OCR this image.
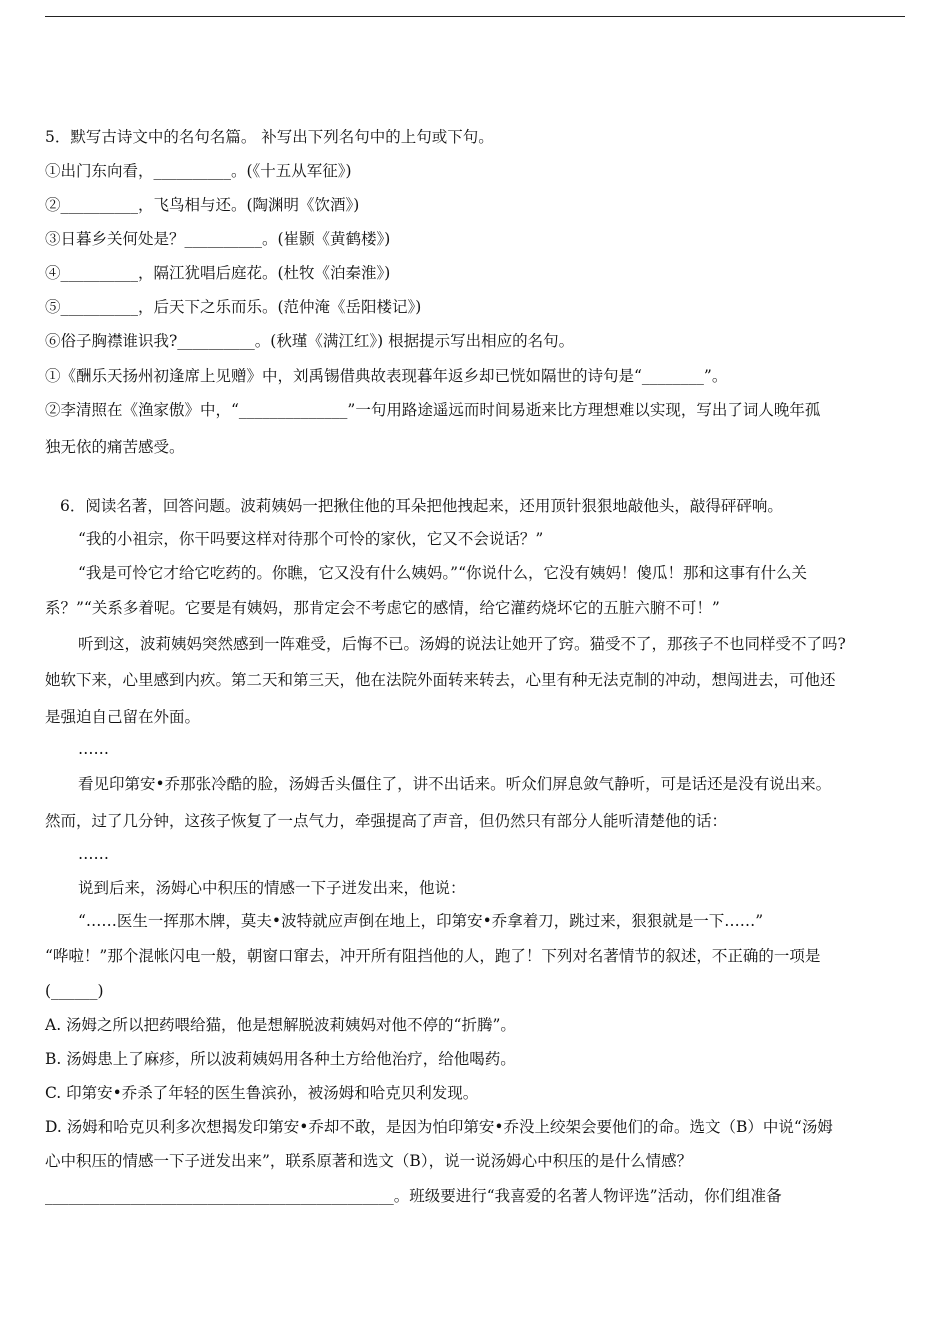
5．默写古诗文中的名句名篇。 补写出下列名句中的上句或下句。
①出门东向看，__________。(《十五从军征》)
②__________，飞鸟相与还。(陶渊明《饮酒》)
③日暮乡关何处是？__________。(崔颢《黄鹤楼》)
④__________，隔江犹唱后庭花。(杜牧《泊秦淮》)
⑤__________，后天下之乐而乐。(范仲淹《岳阳楼记》)
⑥俗子胸襟谁识我?__________。(秋瑾《满江红》) 根据提示写出相应的名句。
①《酬乐天扬州初逢席上见赠》中，刘禹锡借典故表现暮年返乡却已恍如隔世的诗句是“________”。
②李清照在《渔家傲》中，“______________”一句用路途遥远而时间易逝来比方理想难以实现，写出了词人晚年孤
独无依的痛苦感受。
6．阅读名著，回答问题。波莉姨妈一把揪住他的耳朵把他拽起来，还用顶针狠狠地敲他头，敲得砰砰响。
“我的小祖宗，你干吗要这样对待那个可怜的家伙，它又不会说话？”
“我是可怜它才给它吃药的。你瞧，它又没有什么姨妈。”“你说什么，它没有姨妈！傻瓜！那和这事有什么关
系？”“关系多着呢。它要是有姨妈，那肯定会不考虑它的感情，给它灌药烧坏它的五脏六腑不可！”
听到这，波莉姨妈突然感到一阵难受，后悔不已。汤姆的说法让她开了窍。猫受不了，那孩子不也同样受不了吗?
她软下来，心里感到内疚。第二天和第三天，他在法院外面转来转去，心里有种无法克制的冲动，想闯进去，可他还
是强迫自己留在外面。
……
看见印第安•乔那张冷酷的脸，汤姆舌头僵住了，讲不出话来。听众们屏息敛气静听，可是话还是没有说出来。
然而，过了几分钟，这孩子恢复了一点气力，牵强提高了声音，但仍然只有部分人能听清楚他的话：
……
说到后来，汤姆心中积压的情感一下子迸发出来，他说：
“……医生一挥那木牌，莫夫•波特就应声倒在地上，印第安•乔拿着刀，跳过来，狠狠就是一下……”
“哗啦！”那个混帐闪电一般，朝窗口窜去，冲开所有阻挡他的人，跑了！下列对名著情节的叙述，不正确的一项是
(______)
A. 汤姆之所以把药喂给猫，他是想解脱波莉姨妈对他不停的“折腾”。
B. 汤姆患上了麻疹，所以波莉姨妈用各种土方给他治疗，给他喝药。
C. 印第安•乔杀了年轻的医生鲁滨孙，被汤姆和哈克贝利发现。
D. 汤姆和哈克贝利多次想揭发印第安•乔却不敢，是因为怕印第安•乔没上绞架会要他们的命。选文（B）中说“汤姆
心中积压的情感一下子迸发出来”，联系原著和选文（B），说一说汤姆心中积压的是什么情感？
_____________________________________________。班级要进行“我喜爱的名著人物评选”活动，你们组准备
